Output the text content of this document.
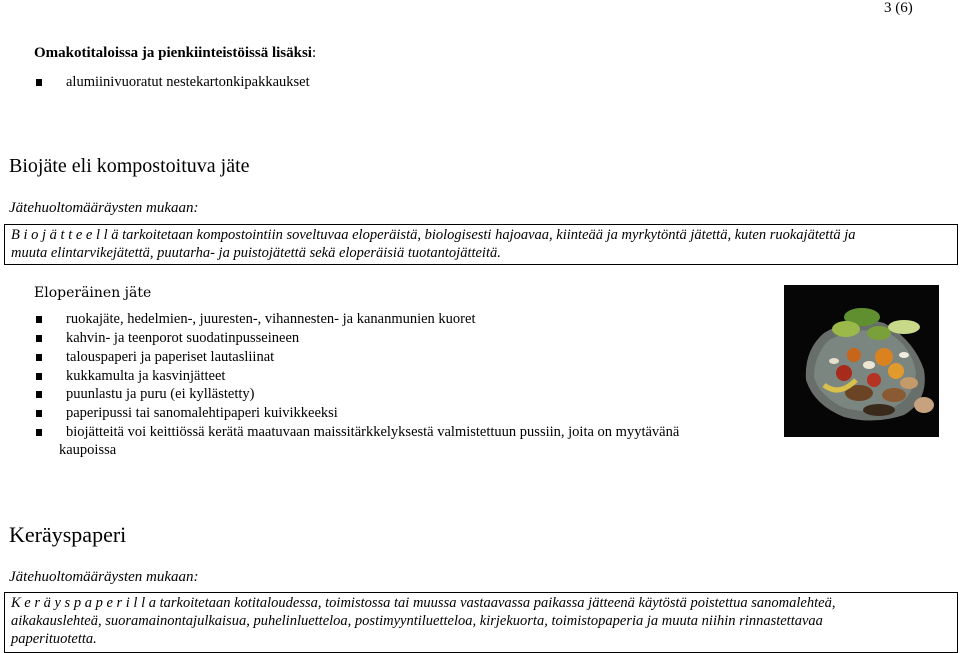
3 (6)
Omakotitaloissa ja pienkiinteistöissä lisäksi:
alumiinivuoratut nestekartonkipakkaukset
Biojäte eli kompostoituva jäte
Jätehuoltomääräysten mukaan:
B i o j ä t t e e l l ä tarkoitetaan kompostointiin soveltuvaa eloperäistä, biologisesti hajoavaa, kiinteää ja myrkytöntä jätettä, kuten ruokajätettä ja
muuta elintarvikejätettä, puutarha- ja puistojätettä sekä eloperäisiä tuotantojätteitä.
Eloperäinen jäte
ruokajäte, hedelmien-, juuresten-, vihannesten- ja kananmunien kuoret
kahvin- ja teenporot suodatinpusseineen
talouspaperi ja paperiset lautasliinat
kukkamulta ja kasvinjätteet
puunlastu ja puru (ei kyllästetty)
paperipussi tai sanomalehtipaperi kuivikkeeksi
biojätteitä voi keittiössä kerätä maatuvaan maissitärkkelyksestä valmistettuun pussiin, joita on myytävänä
kaupoissa
Keräyspaperi
Jätehuoltomääräysten mukaan:
K e r ä y s p a p e r i l l a tarkoitetaan kotitaloudessa, toimistossa tai muussa vastaavassa paikassa jätteenä käytöstä poistettua sanomalehteä,
aikakauslehteä, suoramainontajulkaisua, puhelinluetteloa, postimyyntiluetteloa, kirjekuorta, toimistopaperia ja muuta niihin rinnastettavaa
paperituotetta.
